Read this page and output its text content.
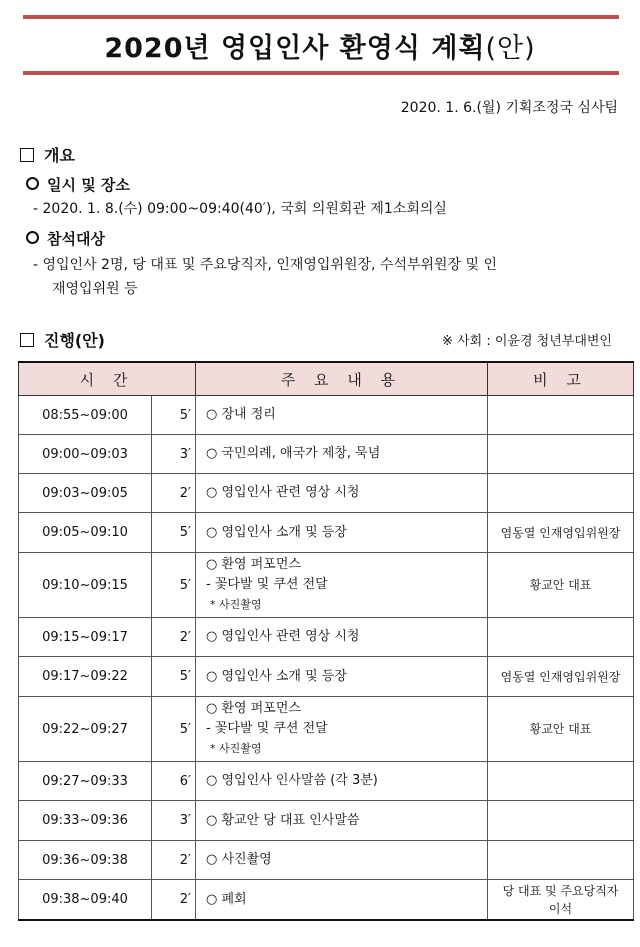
2020년 영입인사 환영식 계획(안)
2020. 1. 6.(월) 기획조정국 심사팀
개요
일시 및 장소
- 2020. 1. 8.(수) 09:00~09:40(40′), 국회 의원회관 제1소회의실
참석대상
- 영입인사 2명, 당 대표 및 주요당직자, 인재영입위원장, 수석부위원장 및 인
재영입위원 등
진행(안)	※ 사회 : 이윤경 청년부대변인
시 간		주 요 내 용	비 고
08:55~09:00	5′	○ 장내 정리	
09:00~09:03	3′	○ 국민의례, 애국가 제창, 묵념	
09:03~09:05	2′	○ 영입인사 관련 영상 시청	
09:05~09:10	5′	○ 영입인사 소개 및 등장	염동열 인재영입위원장
09:10~09:15	5′	○ 환영 퍼포먼스
- 꽃다발 및 쿠션 전달
* 사진촬영	황교안 대표
09:15~09:17	2′	○ 영입인사 관련 영상 시청	
09:17~09:22	5′	○ 영입인사 소개 및 등장	염동열 인재영입위원장
09:22~09:27	5′	○ 환영 퍼포먼스
- 꽃다발 및 쿠션 전달
* 사진촬영	황교안 대표
09:27~09:33	6′	○ 영입인사 인사말씀 (각 3분)	
09:33~09:36	3′	○ 황교안 당 대표 인사말씀	
09:36~09:38	2′	○ 사진촬영	
09:38~09:40	2′	○ 폐회	당 대표 및 주요당직자
이석
